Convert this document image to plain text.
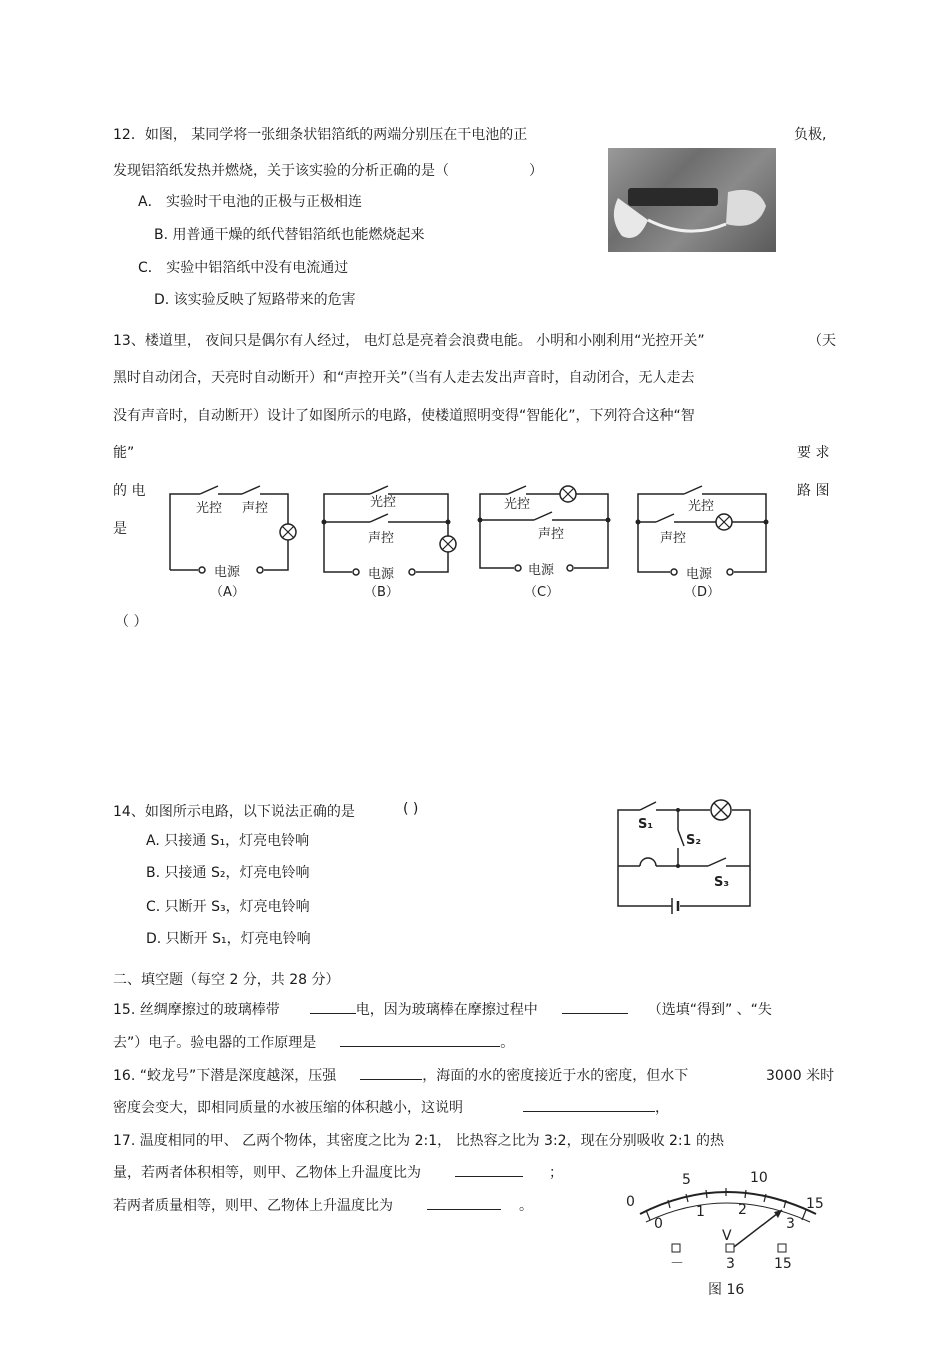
12．如图， 某同学将一张细条状铝箔纸的两端分别压在干电池的正	负极,
发现铝箔纸发热并燃烧，关于该实验的分析正确的是（	）
A． 实验时干电池的正极与正极相连
B. 用普通干燥的纸代替铝箔纸也能燃烧起来
C． 实验中铝箔纸中没有电流通过
D. 该实验反映了短路带来的危害
13、楼道里， 夜间只是偶尔有人经过， 电灯总是亮着会浪费电能。 小明和小刚利用“光控开关”	（天
黑时自动闭合，天亮时自动断开）和“声控开关”（当有人走去发出声音时，自动闭合，无人走去
没有声音时，自动断开）设计了如图所示的电路，使楼道照明变得“智能化”，下列符合这种“智
能”	要 求
的 电	路 图
是
（ ）
光控 声控
电源
（A）
光控
声控
电源
（B）
光控
声控
电源
（C）
光控
声控
电源
（D）
14、如图所示电路，以下说法正确的是	( )
A. 只接通 S₁，灯亮电铃响
B. 只接通 S₂，灯亮电铃响
C. 只断开 S₃，灯亮电铃响
D. 只断开 S₁，灯亮电铃响
S₁
S₂
S₃
二、填空题（每空 2 分，共 28 分）
15. 丝绸摩擦过的玻璃棒带	电，因为玻璃棒在摩擦过程中	（选填“得到” 、“失
去”）电子。验电器的工作原理是	。
16. “蛟龙号”下潜是深度越深，压强	，海面的水的密度接近于水的密度，但水下	3000 米时
密度会变大，即相同质量的水被压缩的体积越小，这说明	，
17. 温度相同的甲、 乙两个物体，其密度之比为 2:1， 比热容之比为 3:2，现在分别吸收 2:1 的热
量，若两者体积相等，则甲、乙物体上升温度比为	；
若两者质量相等，则甲、乙物体上升温度比为	。	0
5	10
15
0
1 2
3
V
－	3	15
图 16
